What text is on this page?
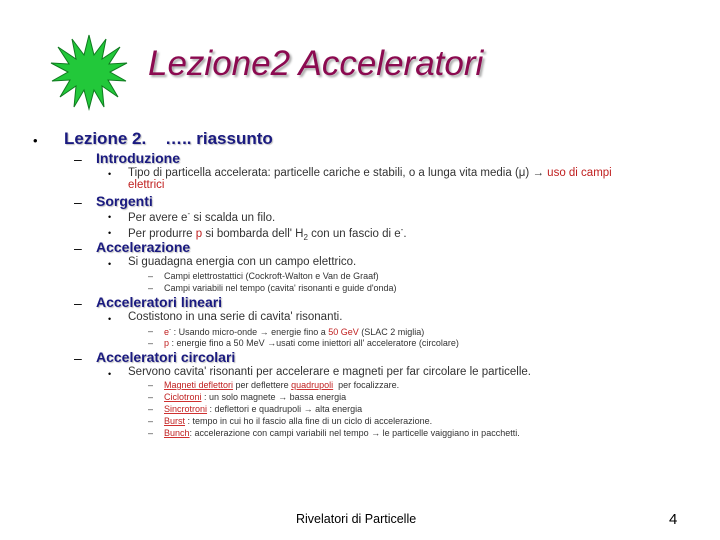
Lezione2 Acceleratori
• Lezione 2.    ….. riassunto
– Introduzione
• Tipo di particella accelerata: particelle cariche e stabili, o a lunga vita media (μ) → uso di campi
elettrici
– Sorgenti
• Per avere e- si scalda un filo.
• Per produrre p si bombarda dell' $H_2$ con un fascio di e-.
– Accelerazione
• Si guadagna energia con un campo elettrico.
– Campi elettrostattici (Cockroft-Walton e Van de Graaf)
– Campi variabili nel tempo (cavita' risonanti e guide d'onda)
– Acceleratori lineari
• Costistono in una serie di cavita' risonanti.
– e- : Usando micro-onde → energie fino a 50 GeV (SLAC 2 miglia)
– p : energie fino a 50 MeV →usati come iniettori all' acceleratore (circolare)
– Acceleratori circolari
• Servono cavita' risonanti per accelerare e magneti per far circolare le particelle.
– Magneti deflettori per deflettere quadrupoli  per focalizzare.
– Ciclotroni : un solo magnete → bassa energia
– Sincrotroni : deflettori e quadrupoli → alta energia
– Burst : tempo in cui ho il fascio alla fine di un ciclo di accelerazione.
– Bunch: accelerazione con campi variabili nel tempo → le particelle vaiggiano in pacchetti.
Rivelatori di Particelle	4
